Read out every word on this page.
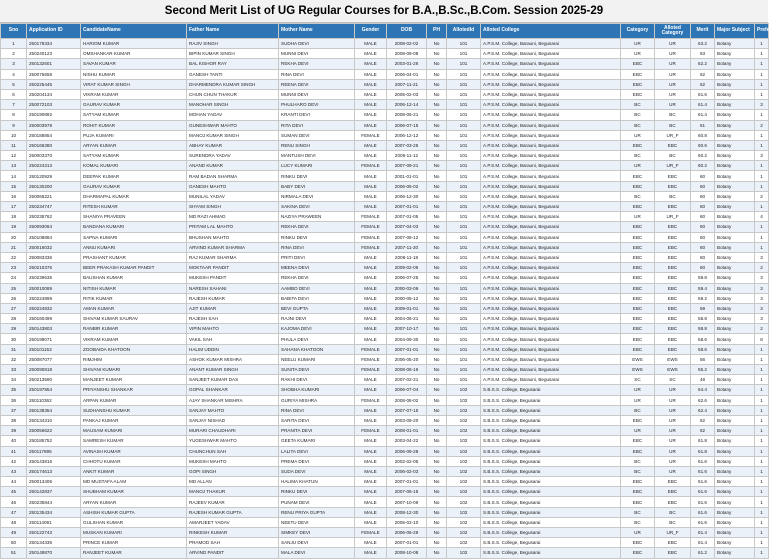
Second Merit List of UG Regular Courses for B.A.,B.Sc.,B.Com. Session 2025-29
Sno	Application ID	CandidateName	Father Name	Mother Name	Gender	DOB	PH	AllotedId	Alloted College	Category	Alloted Category	Merit	Major Subject	Preference
1	250178334	HARIOM KUMAR	RAJIV SINGH	SUDHA DEVI	MALE	2008-02-02	No	101	A.P.S.M. College, Barauni, Begusarai	UR	UR	63.2	Botany	1
2	250240123	OMSHANKAR KUMAR	BIPIN KUMAR SINGH	MUNNI DEVI	MALE	2008-09-08	No	101	A.P.S.M. College, Barauni, Begusarai	UR	UR	63	Botany	1
3	250132601	SAVAN KUMAR	BAL KISHOR RAY	REKHA DEVI	MALE	2003-01-26	No	101	A.P.S.M. College, Barauni, Begusarai	EBC	UR	62.2	Botany	1
4	250075658	NISHU KUMAR	GANESH TANTI	RINA DEVI	MALE	2006-04-01	No	101	A.P.S.M. College, Barauni, Begusarai	EBC	UR	62	Botany	1
5	250225445	VIRAT KUMAR SINGH	DHARMENDRA KUMAR SINGH	REENA DEVI	MALE	2007-11-21	No	101	A.P.S.M. College, Barauni, Begusarai	EBC	UR	62	Botany	1
6	250204134	VIKRAM KUMAR	CHUN CHUN THAKUR	MUNNI DEVI	MALE	2005-02-03	No	101	A.P.S.M. College, Barauni, Begusarai	EBC	UR	61.6	Botany	1
7	250072103	GAURAV KUMAR	MANOHAR SINGH	PHULHARO DEVI	MALE	2006-12-14	No	101	A.P.S.M. College, Barauni, Begusarai	BC	UR	61.4	Botany	3
8	250190892	SATYAM KUMAR	MOHAN YADAV	KRANTI DEVI	MALE	2008-06-21	No	101	A.P.S.M. College, Barauni, Begusarai	BC	BC	61.4	Botany	1
9	250003978	ROHIT KUMAR	GUNESHWAR MAHTO	RITA DEVI	MALE	2006-07-15	No	101	A.P.S.M. College, Barauni, Begusarai	BC	BC	61	Botany	2
10	250188854	PUJA KUMARI	MANOJ KUMAR SINGH	SUMAN DEVI	FEMALE	2006-12-12	No	101	A.P.S.M. College, Barauni, Begusarai	UR	UR_F	60.8	Botany	1
11	250166380	ARYAN KUMAR	ABHAY KUMAR	RENU SINGH	MALE	2007-03-25	No	101	A.P.S.M. College, Barauni, Begusarai	EBC	EBC	60.6	Botany	1
12	250003370	SATYAM KUMAR	SURENDRA YADAV	MANTUSH DEVI	MALE	2006-11-12	No	101	A.P.S.M. College, Barauni, Begusarai	BC	BC	60.2	Botany	3
13	250224313	KOMAL KUMARI	ANAND KUMAR	LUCY KUMARI	FEMALE	2007-09-21	No	101	A.P.S.M. College, Barauni, Begusarai	UR	UR_F	60.2	Botany	1
14	250120929	DEEPAK KUMAR	RAM BADAN SHARMA	RINKU DEVI	MALE	2001-01-01	No	101	A.P.S.M. College, Barauni, Begusarai	EBC	EBC	60	Botany	1
15	250130200	GAURAV KUMAR	GANESH MAHTO	BABY DEVI	MALE	2006-05-02	No	101	A.P.S.M. College, Barauni, Begusarai	EBC	EBC	60	Botany	1
16	250066221	DHARMAPAL KUMAR	MUNILAL YADAV	NIRMALA DEVI	MALE	2006-12-30	No	101	A.P.S.M. College, Barauni, Begusarai	BC	BC	60	Botany	2
17	250234747	RITESH KUMAR	SHYAM SINGH	SAKINA DEVI	MALE	2007-01-01	No	101	A.P.S.M. College, Barauni, Begusarai	EBC	EBC	60	Botany	1
18	250235762	SHANIYA PRAVEEN	MD RAZI AHMAD	NAZIYA PRAWEEN	FEMALE	2007-01-05	No	101	A.P.S.M. College, Barauni, Begusarai	UR	UR_F	60	Botany	4
19	250093064	BANDANA KUMARI	PRITAM LAL MAHTO	REKHA DEVI	FEMALE	2007-04-03	No	101	A.P.S.M. College, Barauni, Begusarai	EBC	EBC	60	Botany	1
20	250108884	SAPNA KUMARI	BHUSHAN MAHTO	RINKU DEVI	FEMALE	2007-08-12	No	101	A.P.S.M. College, Barauni, Begusarai	EBC	EBC	60	Botany	1
21	250016032	ANNU KUMARI	ARVIND KUMAR SHARMA	RINA DEVI	FEMALE	2007-11-20	No	101	A.P.S.M. College, Barauni, Begusarai	EBC	EBC	60	Botany	1
22	250083336	PRASHANT KUMAR	RAJ KUMAR SHARMA	PRITI DEVI	MALE	2008-11-18	No	101	A.P.S.M. College, Barauni, Begusarai	EBC	EBC	60	Botany	3
23	250210376	BEER PRAKASH KUMAR PANDIT	MOKTAAR PANDIT	MEENA DEVI	MALE	2009-02-06	No	101	A.P.S.M. College, Barauni, Begusarai	EBC	EBC	60	Botany	2
24	250239635	BAUSHAN KUMAR	MUKESH PANDIT	REKHA DEVI	MALE	2006-07-25	No	101	A.P.S.M. College, Barauni, Begusarai	EBC	EBC	59.8	Botany	3
25	250010089	NITISH KUMAR	NARESH SAHANI	AAMBO DEVI	MALE	2000-03-09	No	101	A.P.S.M. College, Barauni, Begusarai	EBC	EBC	59.4	Botany	3
26	250224899	RITIK KUMAR	RAJESH KUMAR	BABITA DEVI	MALE	2000-05-12	No	101	A.P.S.M. College, Barauni, Begusarai	EBC	EBC	59.2	Botany	3
27	250224832	AMAN KUMAR	AJIT KUMAR	BEVI GUPTA	MALE	2009-01-01	No	101	A.P.S.M. College, Barauni, Begusarai	EBC	EBC	59	Botany	3
28	250160499	SHIVAM KUMAR SAURAV	RAJESH SAH	RAJNI DEVI	MALE	2004-06-21	No	101	A.P.S.M. College, Barauni, Begusarai	EBC	EBC	58.8	Botany	3
29	250143803	RANBIR KUMAR	VIPIN MAHTO	KAJOMA DEVI	MALE	2007-10-17	No	101	A.P.S.M. College, Barauni, Begusarai	EBC	EBC	58.8	Botany	2
30	250199071	VIKRAM KUMAR	VAKIL SAH	PHULA DEVI	MALE	2004-09-30	No	101	A.P.S.M. College, Barauni, Begusarai	EBC	EBC	58.6	Botany	8
31	250101153	ZOOBAIDA KHATOON	HALIM UDDIN	SAHANA KHATOON	FEMALE	2007-01-01	No	101	A.P.S.M. College, Barauni, Begusarai	EBC	EBC	58.6	Botany	1
32	250087077	RIMJHIM	ASHOK KUMAR MISHRA	NEELU KUMARI	FEMALE	2006-05-20	No	101	A.P.S.M. College, Barauni, Begusarai	EWS	EWS	56	Botany	1
33	250090819	SHIVANI KUMARI	ANANT KUMAR SINGH	SUNITA DEVI	FEMALE	2008-06-16	No	101	A.P.S.M. College, Barauni, Begusarai	EWS	EWS	55.2	Botany	1
34	250213590	MANJEET KUMAR	SANJEET KUMAR DAS	RAKHI DEVI	MALE	2007-02-21	No	101	A.P.S.M. College, Barauni, Begusarai	SC	SC	48	Botany	1
35	250197854	PRIYANSHU SHANKAR	GOPAL SHANKAR	SHOBHA KUMARI	MALE	2006-07-04	No	102	S.B.S.S. College, Begusarai	UR	UR	64.4	Botany	1
36	250110362	ARPAN KUMAR	AJAY SHANKAR MISHRA	GURIYA MISHRA	FEMALE	2008-08-02	No	102	S.B.S.S. College, Begusarai	UR	UR	62.6	Botany	1
37	250138354	SUDHANSHU KUMAR	SANJAY MAHTO	RINA DEVI	MALE	2007-07-15	No	102	S.B.S.S. College, Begusarai	BC	UR	62.4	Botany	1
38	250134310	PANKAJ KUMAR	SANJAY NISHAD	SARITA DEVI	MALE	2003-09-20	No	102	S.B.S.S. College, Begusarai	EBC	UR	62	Botany	1
39	250056622	MAUSAM KUMARI	MURARI CHAUDHARI	PRANITA DEVI	FEMALE	2008-01-01	No	102	S.B.S.S. College, Begusarai	UR	UR	62	Botany	1
40	250185752	SAMRESH KUMAR	YUGESHWAR MAHTO	GEETA KUMARI	MALE	2003-04-22	No	102	S.B.S.S. College, Begusarai	EBC	UR	61.8	Botany	1
41	250117895	AVINASH KUMAR	CHUNCHUN SAH	LALITA DEVI	MALE	2006-09-28	No	102	S.B.S.S. College, Begusarai	EBC	UR	61.8	Botany	1
42	250143816	CHHOTU KUMAR	MUKESH MAHTO	PREMA DEVI	MALE	2002-02-05	No	102	S.B.S.S. College, Begusarai	BC	UR	61.6	Botany	1
43	250174613	ANKIT KUMAR	GOPI SINGH	SUDA DEVI	MALE	2006-02-03	No	102	S.B.S.S. College, Begusarai	BC	UR	61.6	Botany	1
44	250013406	MD MUSTAFA ALAM	MD ALLAN	HALIMA KHATUN	MALE	2007-01-01	No	102	S.B.S.S. College, Begusarai	EBC	EBC	61.6	Botany	1
45	250142837	SHUBHAM KUMAR	MANOJ THAKUR	RINKU DEVI	MALE	2007-06-15	No	102	S.B.S.S. College, Begusarai	EBC	EBC	61.6	Botany	1
46	250235844	ARYAN KUMAR	RAJEEV KUMAR	PUNAM DEVI	MALE	2007-10-09	No	102	S.B.S.S. College, Begusarai	EBC	EBC	61.6	Botany	1
47	250135434	ASHISH KUMAR GUPTA	RAJESH KUMAR GUPTA	RENU PRIYA GUPTA	MALE	2008-12-30	No	102	S.B.S.S. College, Begusarai	BC	BC	61.6	Botany	1
48	250114091	GULSHAN KUMAR	AMARJEET YADAV	NEETU DEVI	MALE	2005-02-10	No	102	S.B.S.S. College, Begusarai	BC	BC	61.6	Botany	1
49	250122743	MUSKAN KUMARI	RINKESH KUMAR	SIMKEY DEVI	FEMALE	2006-06-29	No	102	S.B.S.S. College, Begusarai	UR	UR_F	61.4	Botany	1
50	250134336	PRINCE KUMAR	PRAMOD SAH	SANJU DEVI	MALE	2007-01-01	No	102	S.B.S.S. College, Begusarai	EBC	EBC	61.4	Botany	1
51	250148870	RANJEET KUMAR	ARVIND PANDIT	MALA DEVI	MALE	2008-10-08	No	102	S.B.S.S. College, Begusarai	EBC	EBC	61.2	Botany	1
